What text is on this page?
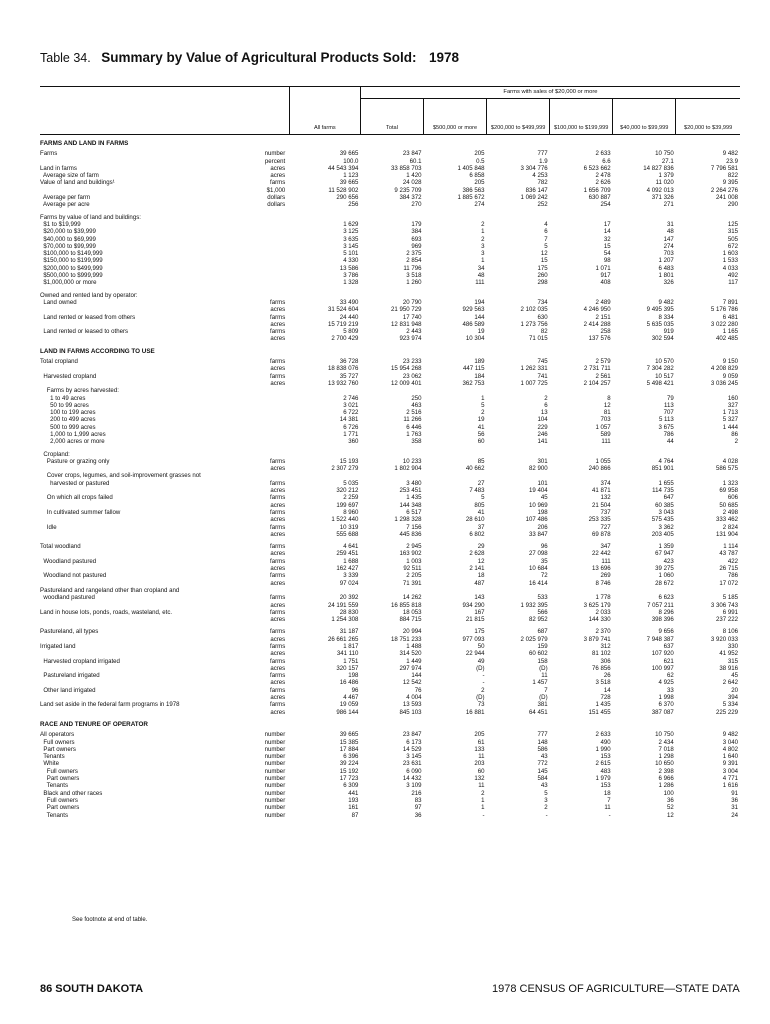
Table 34. Summary by Value of Agricultural Products Sold: 1978
	All farms	Farms with sales of $20,000 or more					
		Total	$500,000 or more	$200,000 to $499,999	$100,000 to $199,999	$40,000 to $99,999	$20,000 to $39,999
FARMS AND LAND IN FARMS							

Farms number	39 665	23 847	205	777	2 633	10 750	9 482

percent	100.0	60.1	0.5	1.9	6.6	27.1	23.9

Land in farms acres	44 543 394	33 858 703	1 405 848	3 304 776	6 523 662	14 827 836	7 796 581

Average size of farm acres	1 123	1 420	6 858	4 253	2 478	1 379	822

Value of land and buildings¹ farms	39 665	24 028	205	782	2 626	11 020	9 395

$1,000	11 528 902	9 235 709	386 563	836 147	1 656 709	4 092 013	2 264 276

Average per farm dollars	290 656	384 372	1 885 672	1 069 242	630 887	371 326	241 008

Average per acre dollars	256	270	274	252	254	271	290

Farms by value of land and buildings:							
$1 to $19,999	1 629	179	2	4	17	31	125
$20,000 to $39,999	3 125	384	1	6	14	48	315
$40,000 to $69,999	3 635	693	2	7	32	147	505
$70,000 to $99,999	3 145	969	3	5	15	274	672
$100,000 to $149,999	5 101	2 375	3	12	54	703	1 603
$150,000 to $199,999	4 330	2 854	1	15	98	1 207	1 533
$200,000 to $499,999	13 586	11 796	34	175	1 071	6 483	4 033
$500,000 to $999,999	3 786	3 518	48	260	917	1 801	492
$1,000,000 or more	1 328	1 260	111	298	408	326	117

Owned and rented land by operator:							

Land owned farms	33 490	20 790	194	734	2 489	9 482	7 891

acres	31 524 604	21 950 729	929 563	2 102 035	4 246 950	9 495 395	5 176 786

Land rented or leased from others farms	24 440	17 740	144	630	2 151	8 334	6 481

acres	15 719 219	12 831 948	486 589	1 273 756	2 414 288	5 635 035	3 022 280

Land rented or leased to others farms	5 809	2 443	19	82	258	919	1 165

acres	2 700 429	923 974	10 304	71 015	137 576	302 594	402 485
LAND IN FARMS ACCORDING TO USE							

Total cropland farms	36 728	23 233	189	745	2 579	10 570	9 150

acres	18 838 076	15 954 268	447 115	1 262 331	2 731 711	7 304 282	4 208 829

Harvested cropland farms	35 727	23 062	184	741	2 561	10 517	9 059

acres	13 932 760	12 009 401	362 753	1 007 725	2 104 257	5 498 421	3 036 245
Farms by acres harvested:							
1 to 49 acres	2 746	250	1	2	8	79	160
50 to 99 acres	3 021	463	5	6	12	113	327
100 to 199 acres	6 722	2 516	2	13	81	707	1 713
200 to 499 acres	14 381	11 266	19	104	703	5 113	5 327
500 to 999 acres	6 726	6 446	41	229	1 057	3 675	1 444
1,000 to 1,999 acres	1 771	1 763	56	246	589	786	86
2,000 acres or more	360	358	60	141	111	44	2

Cropland:							

Pasture or grazing only farms	15 193	10 233	85	301	1 055	4 764	4 028

acres	2 307 279	1 802 904	40 662	82 900	240 866	851 901	586 575
Cover crops, legumes, and soil-improvement grasses not							

harvested or pastured farms	5 035	3 480	27	101	374	1 655	1 323

acres	320 212	253 451	7 483	19 404	41 871	114 735	69 958

On which all crops failed farms	2 259	1 435	5	45	132	647	606

acres	199 697	144 348	805	10 969	21 504	60 385	50 685

In cultivated summer fallow farms	8 960	6 517	41	198	737	3 043	2 498

acres	1 522 440	1 298 328	28 610	107 486	253 335	575 435	333 462

Idle farms	10 319	7 156	37	206	727	3 362	2 824

acres	555 688	445 836	6 802	33 847	69 878	203 405	131 904

Total woodland farms	4 641	2 945	29	96	347	1 359	1 114

acres	259 451	163 902	2 628	27 098	22 442	67 947	43 787

Woodland pastured farms	1 688	1 003	12	35	111	423	422

acres	162 427	92 511	2 141	10 684	13 696	39 275	26 715

Woodland not pastured farms	3 339	2 205	18	72	269	1 060	786

acres	97 024	71 391	487	16 414	8 746	28 672	17 072
Pastureland and rangeland other than cropland and							

woodland pastured farms	20 392	14 262	143	533	1 778	6 623	5 185

acres	24 191 559	16 855 818	934 290	1 932 395	3 625 179	7 057 211	3 306 743

Land in house lots, ponds, roads, wasteland, etc. farms	28 830	18 053	167	566	2 033	8 296	6 991

acres	1 254 308	884 715	21 815	82 952	144 330	398 396	237 222

Pastureland, all types farms	31 187	20 994	175	687	2 370	9 656	8 106

acres	26 661 265	18 751 233	977 093	2 025 979	3 879 741	7 948 387	3 920 033

Irrigated land farms	1 817	1 488	50	159	312	637	330

acres	341 110	314 520	22 944	60 602	81 102	107 920	41 952

Harvested cropland irrigated farms	1 751	1 449	49	158	306	621	315

acres	320 157	297 974	(D)	(D)	76 856	100 997	38 916

Pastureland irrigated farms	198	144	-	11	26	62	45

acres	16 486	12 542	-	1 457	3 518	4 925	2 642

Other land irrigated farms	96	76	2	7	14	33	20

acres	4 467	4 004	(D)	(D)	728	1 998	394

Land set aside in the federal farm programs in 1978 farms	19 059	13 593	73	381	1 435	6 370	5 334

acres	986 144	845 103	16 881	64 451	151 455	387 087	225 229
RACE AND TENURE OF OPERATOR							

All operators number	39 665	23 847	205	777	2 633	10 750	9 482

Full owners number	15 385	6 173	61	148	490	2 434	3 040

Part owners number	17 884	14 529	133	586	1 990	7 018	4 802

Tenants number	6 396	3 145	11	43	153	1 298	1 640

White number	39 224	23 631	203	772	2 615	10 650	9 391

Full owners number	15 192	6 090	60	145	483	2 398	3 004

Part owners number	17 723	14 432	132	584	1 979	6 966	4 771

Tenants number	6 309	3 109	11	43	153	1 286	1 616

Black and other races number	441	216	2	5	18	100	91

Full owners number	193	83	1	3	7	36	36

Part owners number	161	97	1	2	11	52	31

Tenants number	87	36	-	-	-	12	24
See footnote at end of table.
86 SOUTH DAKOTA	1978 CENSUS OF AGRICULTURE—STATE DATA
